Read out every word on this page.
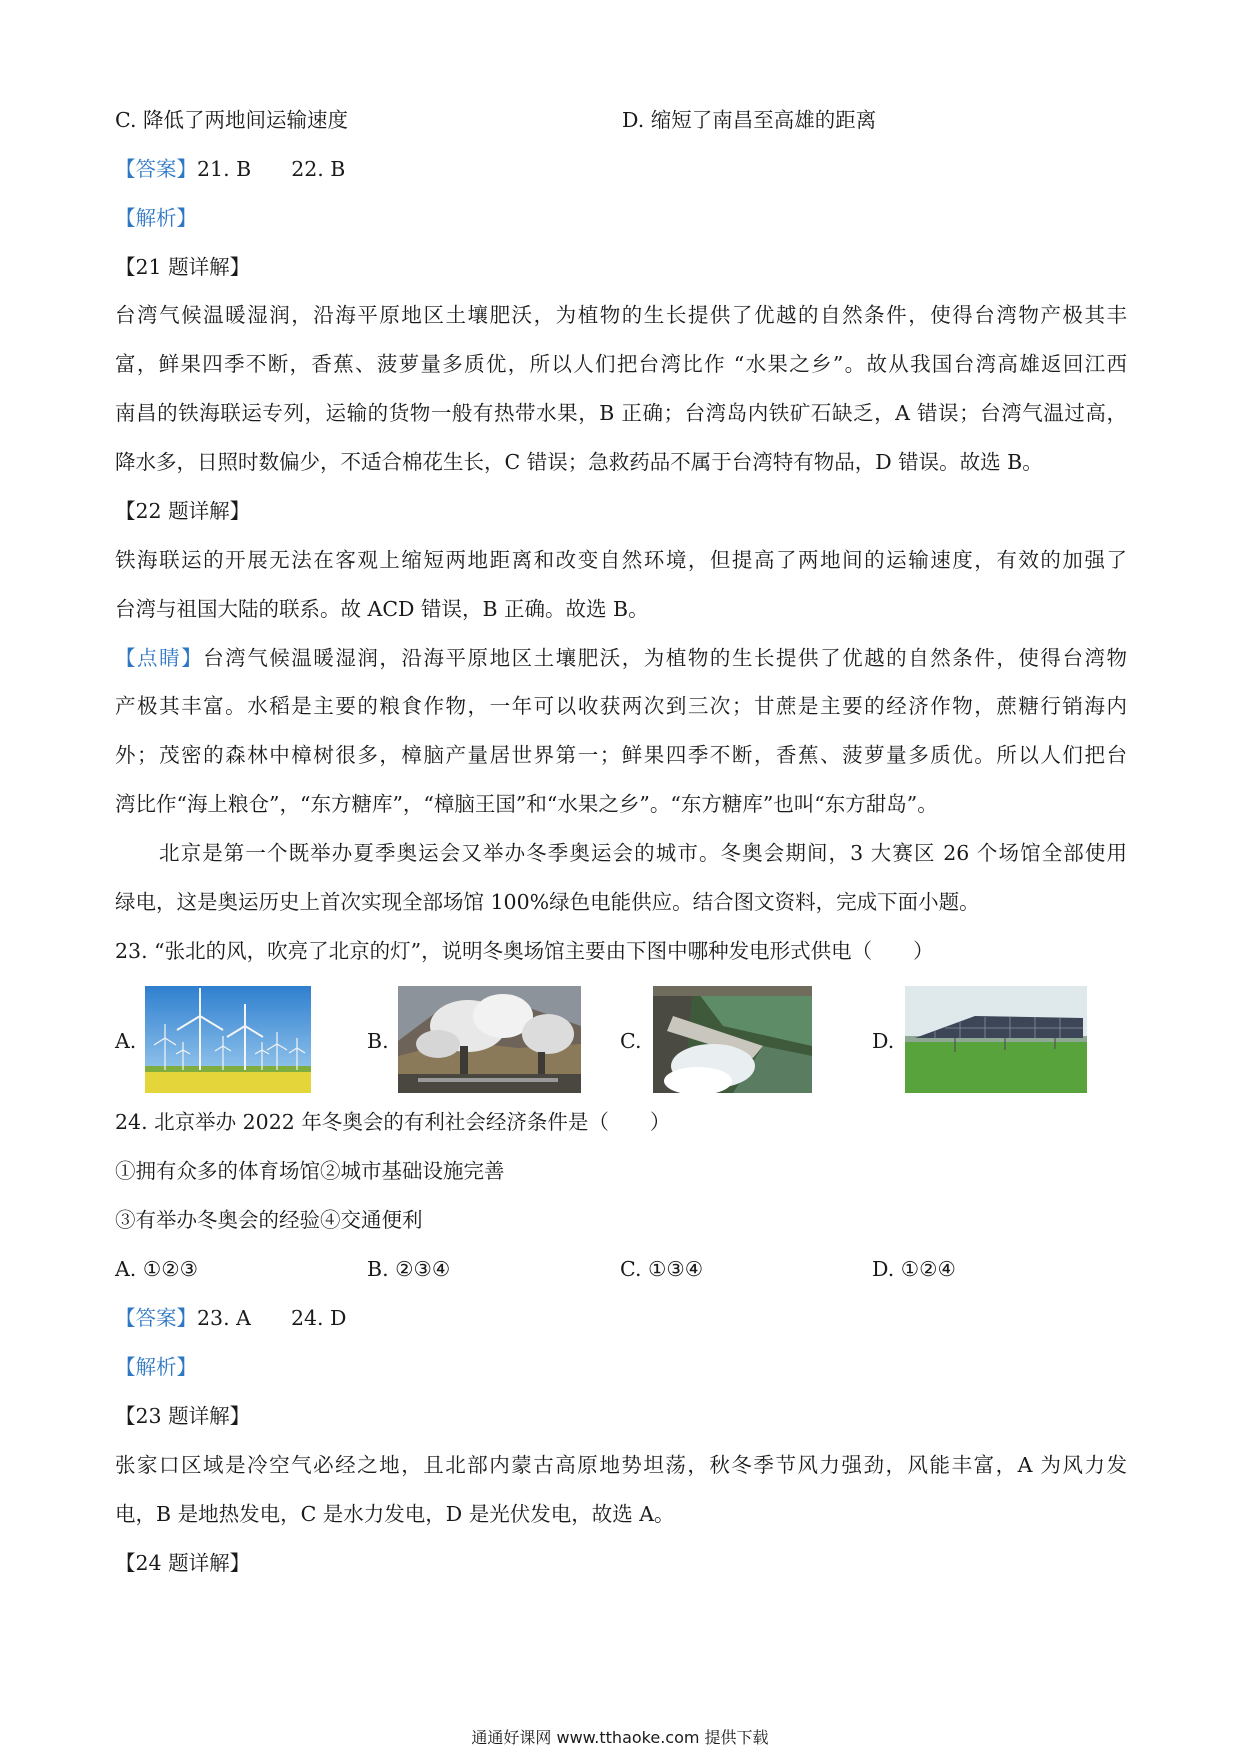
C. 降低了两地间运输速度	D. 缩短了南昌至高雄的距离
【答案】21. B 22. B
【解析】
【21 题详解】
台湾气候温暖湿润，沿海平原地区土壤肥沃，为植物的生长提供了优越的自然条件，使得台湾物产极其丰
富，鲜果四季不断，香蕉、菠萝量多质优，所以人们把台湾比作 “水果之乡”。故从我国台湾高雄返回江西
南昌的铁海联运专列，运输的货物一般有热带水果，B 正确；台湾岛内铁矿石缺乏，A 错误；台湾气温过高，
降水多，日照时数偏少，不适合棉花生长，C 错误；急救药品不属于台湾特有物品，D 错误。故选 B。
【22 题详解】
铁海联运的开展无法在客观上缩短两地距离和改变自然环境，但提高了两地间的运输速度，有效的加强了
台湾与祖国大陆的联系。故 ACD 错误，B 正确。故选 B。
【点睛】台湾气候温暖湿润，沿海平原地区土壤肥沃，为植物的生长提供了优越的自然条件，使得台湾物
产极其丰富。水稻是主要的粮食作物，一年可以收获两次到三次；甘蔗是主要的经济作物，蔗糖行销海内
外；茂密的森林中樟树很多，樟脑产量居世界第一；鲜果四季不断，香蕉、菠萝量多质优。所以人们把台
湾比作“海上粮仓”，“东方糖库”，“樟脑王国”和“水果之乡”。“东方糖库”也叫“东方甜岛”。
北京是第一个既举办夏季奥运会又举办冬季奥运会的城市。冬奥会期间，3 大赛区 26 个场馆全部使用
绿电，这是奥运历史上首次实现全部场馆 100%绿色电能供应。结合图文资料，完成下面小题。
23. “张北的风，吹亮了北京的灯”，说明冬奥场馆主要由下图中哪种发电形式供电（　　）
A.	B.	C.	D.
24. 北京举办 2022 年冬奥会的有利社会经济条件是（　　）
①拥有众多的体育场馆②城市基础设施完善
③有举办冬奥会的经验④交通便利
A. ①②③	B. ②③④	C. ①③④	D. ①②④
【答案】23. A 24. D
【解析】
【23 题详解】
张家口区域是冷空气必经之地，且北部内蒙古高原地势坦荡，秋冬季节风力强劲，风能丰富，A 为风力发
电，B 是地热发电，C 是水力发电，D 是光伏发电，故选 A。
【24 题详解】
通通好课网 www.tthaoke.com 提供下载
